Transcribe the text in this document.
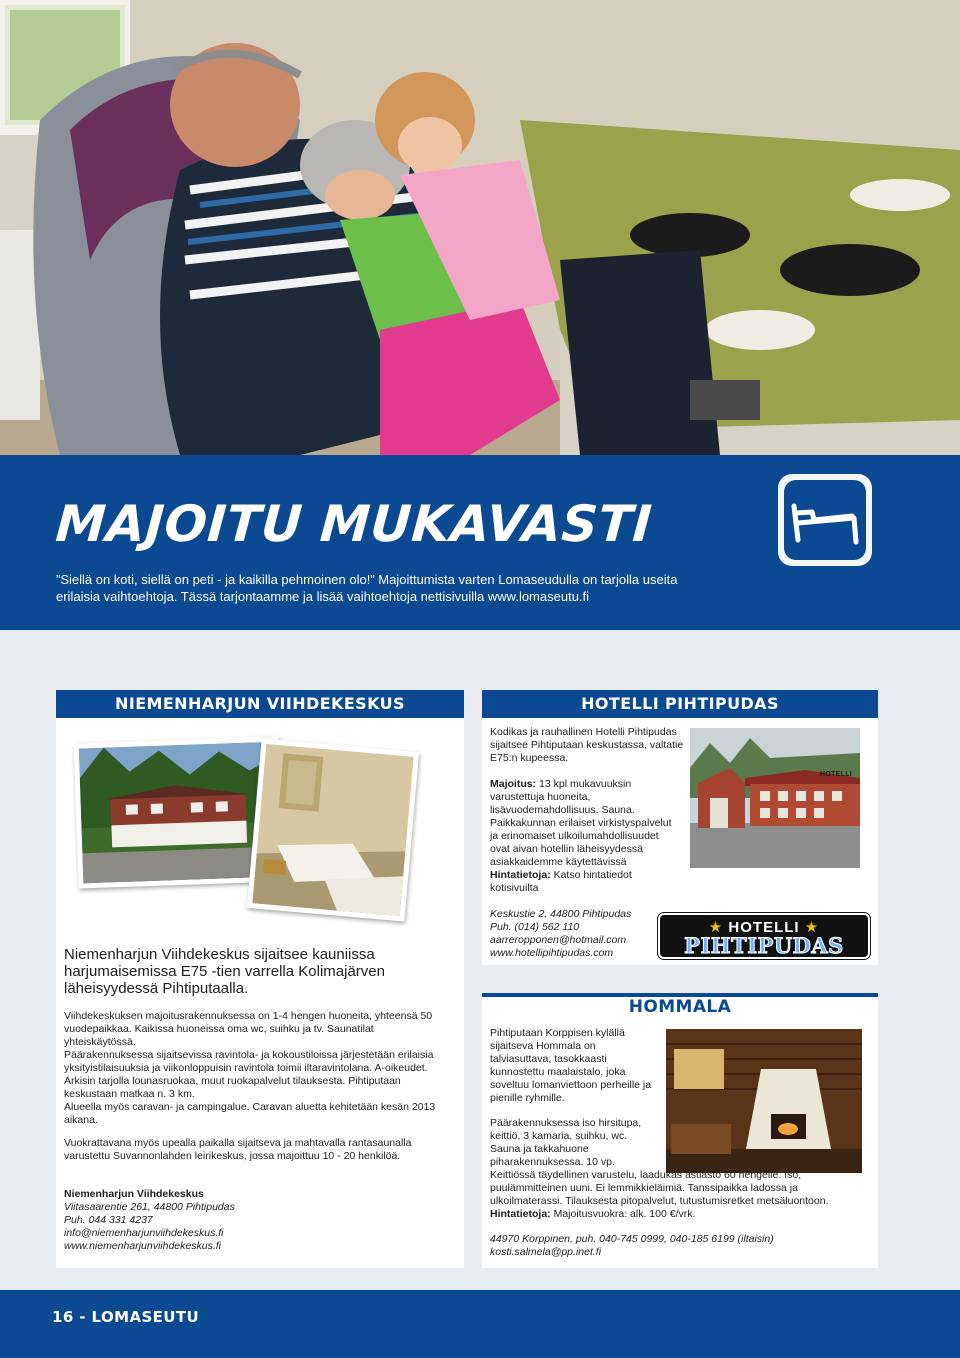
MAJOITU MUKAVASTI
”Siellä on koti, siellä on peti - ja kaikilla pehmoinen olo!” Majoittumista varten Lomaseudulla on tarjolla useita erilaisia vaihtoehtoja. Tässä tarjontaamme ja lisää vaihtoehtoja nettisivuilla www.lomaseutu.fi
NIEMENHARJUN VIIHDEKESKUS
Niemenharjun Viihdekeskus sijaitsee kauniissa harjumaisemissa E75 -tien varrella Kolimajärven läheisyydessä Pihtiputaalla.
Viihdekeskuksen majoitusrakennuksessa on 1-4 hengen huoneita, yhteensä 50 vuodepaikkaa. Kaikissa huoneissa oma wc, suihku ja tv. Saunatilat yhteiskäytössä.
Päärakennuksessa sijaitsevissa ravintola- ja kokoustiloissa järjestetään erilaisia yksityistilaisuuksia ja viikonloppuisin ravintola toimii iltaravintolana. A-oikeudet. Arkisin tarjolla lounasruokaa, muut ruokapalvelut tilauksesta. Pihtiputaan keskustaan matkaa n. 3 km.
Alueella myös caravan- ja campingalue. Caravan aluetta kehitetään kesän 2013 aikana.
Vuokrattavana myös upealla paikalla sijaitseva ja mahtavalla rantasaunalla varustettu Suvannonlahden leirikeskus, jossa majoittuu 10 - 20 henkilöä.
Niemenharjun Viihdekeskus
Viitasaarentie 261, 44800 Pihtipudas
Puh. 044 331 4237
info@niemenharjunviihdekeskus.fi
www.niemenharjunviihdekeskus.fi
HOTELLI PIHTIPUDAS
Kodikas ja rauhallinen Hotelli Pihtipudas sijaitsee Pihtiputaan keskustassa, valtatie E75:n kupeessa.
Majoitus: 13 kpl mukavuuksin varustettuja huoneita, lisävuodemahdollisuus. Sauna. Paikkakunnan erilaiset virkistyspalvelut ja erinomaiset ulkoilumahdollisuudet ovat aivan hotellin läheisyydessä asiakkaidemme käytettävissä
Hintatietoja: Katso hintatiedot kotisivuilta
HOTELLI
Keskustie 2, 44800 Pihtipudas
Puh. (014) 562 110
aarreropponen@hotmail.com
www.hotellipihtipudas.com
★ HOTELLI ★
PIHTIPUDAS
HOMMALA
Pihtiputaan Korppisen kylällä sijaitseva Hommala on talviasuttava, tasokkaasti kunnostettu maalaistalo, joka soveltuu lomanviettoon perheille ja pienille ryhmille.
Päärakennuksessa iso hirsitupa, keittiö, 3 kamaria, suihku, wc. Sauna ja takkahuone piharakennuksessa. 10 vp. Keittiössä täydellinen varustelu, laadukas astiasto 60 hengelle. Iso, puulämmitteinen uuni. Ei lemmikkieläimiä. Tanssipaikka ladossa ja ulkoilmaterassi. Tilauksesta pitopalvelut, tutustumisretket metsäluontoon.
Hintatietoja: Majoitusvuokra: alk. 100 €/vrk.
44970 Korppinen, puh. 040-745 0999, 040-185 6199 (iltaisin)
kosti.salmela@pp.inet.fi
16 - LOMASEUTU
